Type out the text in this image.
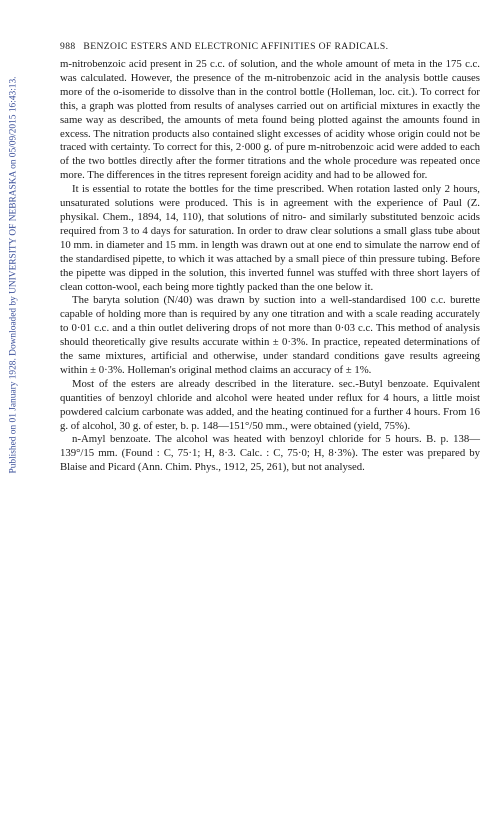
Published on 01 January 1928. Downloaded by UNIVERSITY OF NEBRASKA on 05/09/2015 16:43:13.
988 BENZOIC ESTERS AND ELECTRONIC AFFINITIES OF RADICALS.

m-nitrobenzoic acid present in 25 c.c. of solution, and the whole amount of meta in the 175 c.c. was calculated. However, the presence of the m-nitrobenzoic acid in the analysis bottle causes more of the o-isomeride to dissolve than in the control bottle (Holleman, loc. cit.). To correct for this, a graph was plotted from results of analyses carried out on artificial mixtures in exactly the same way as described, the amounts of meta found being plotted against the amounts found in excess. The nitration products also contained slight excesses of acidity whose origin could not be traced with certainty. To correct for this, 2·000 g. of pure m-nitrobenzoic acid were added to each of the two bottles directly after the former titrations and the whole procedure was repeated once more. The differences in the titres represent foreign acidity and had to be allowed for.

It is essential to rotate the bottles for the time prescribed. When rotation lasted only 2 hours, unsaturated solutions were produced. This is in agreement with the experience of Paul (Z. physikal. Chem., 1894, 14, 110), that solutions of nitro- and similarly substituted benzoic acids required from 3 to 4 days for saturation. In order to draw clear solutions a small glass tube about 10 mm. in diameter and 15 mm. in length was drawn out at one end to simulate the narrow end of the standardised pipette, to which it was attached by a small piece of thin pressure tubing. Before the pipette was dipped in the solution, this inverted funnel was stuffed with three short layers of clean cotton-wool, each being more tightly packed than the one below it.

The baryta solution (N/40) was drawn by suction into a well-standardised 100 c.c. burette capable of holding more than is required by any one titration and with a scale reading accurately to 0·01 c.c. and a thin outlet delivering drops of not more than 0·03 c.c. This method of analysis should theoretically give results accurate within ± 0·3%. In practice, repeated determinations of the same mixtures, artificial and otherwise, under standard conditions gave results agreeing within ± 0·3%. Holleman's original method claims an accuracy of ± 1%.

Most of the esters are already described in the literature. sec.-Butyl benzoate. Equivalent quantities of benzoyl chloride and alcohol were heated under reflux for 4 hours, a little moist powdered calcium carbonate was added, and the heating continued for a further 4 hours. From 16 g. of alcohol, 30 g. of ester, b. p. 148—151°/50 mm., were obtained (yield, 75%).

n-Amyl benzoate. The alcohol was heated with benzoyl chloride for 5 hours. B. p. 138—139°/15 mm. (Found : C, 75·1; H, 8·3. Calc. : C, 75·0; H, 8·3%). The ester was prepared by Blaise and Picard (Ann. Chim. Phys., 1912, 25, 261), but not analysed.
